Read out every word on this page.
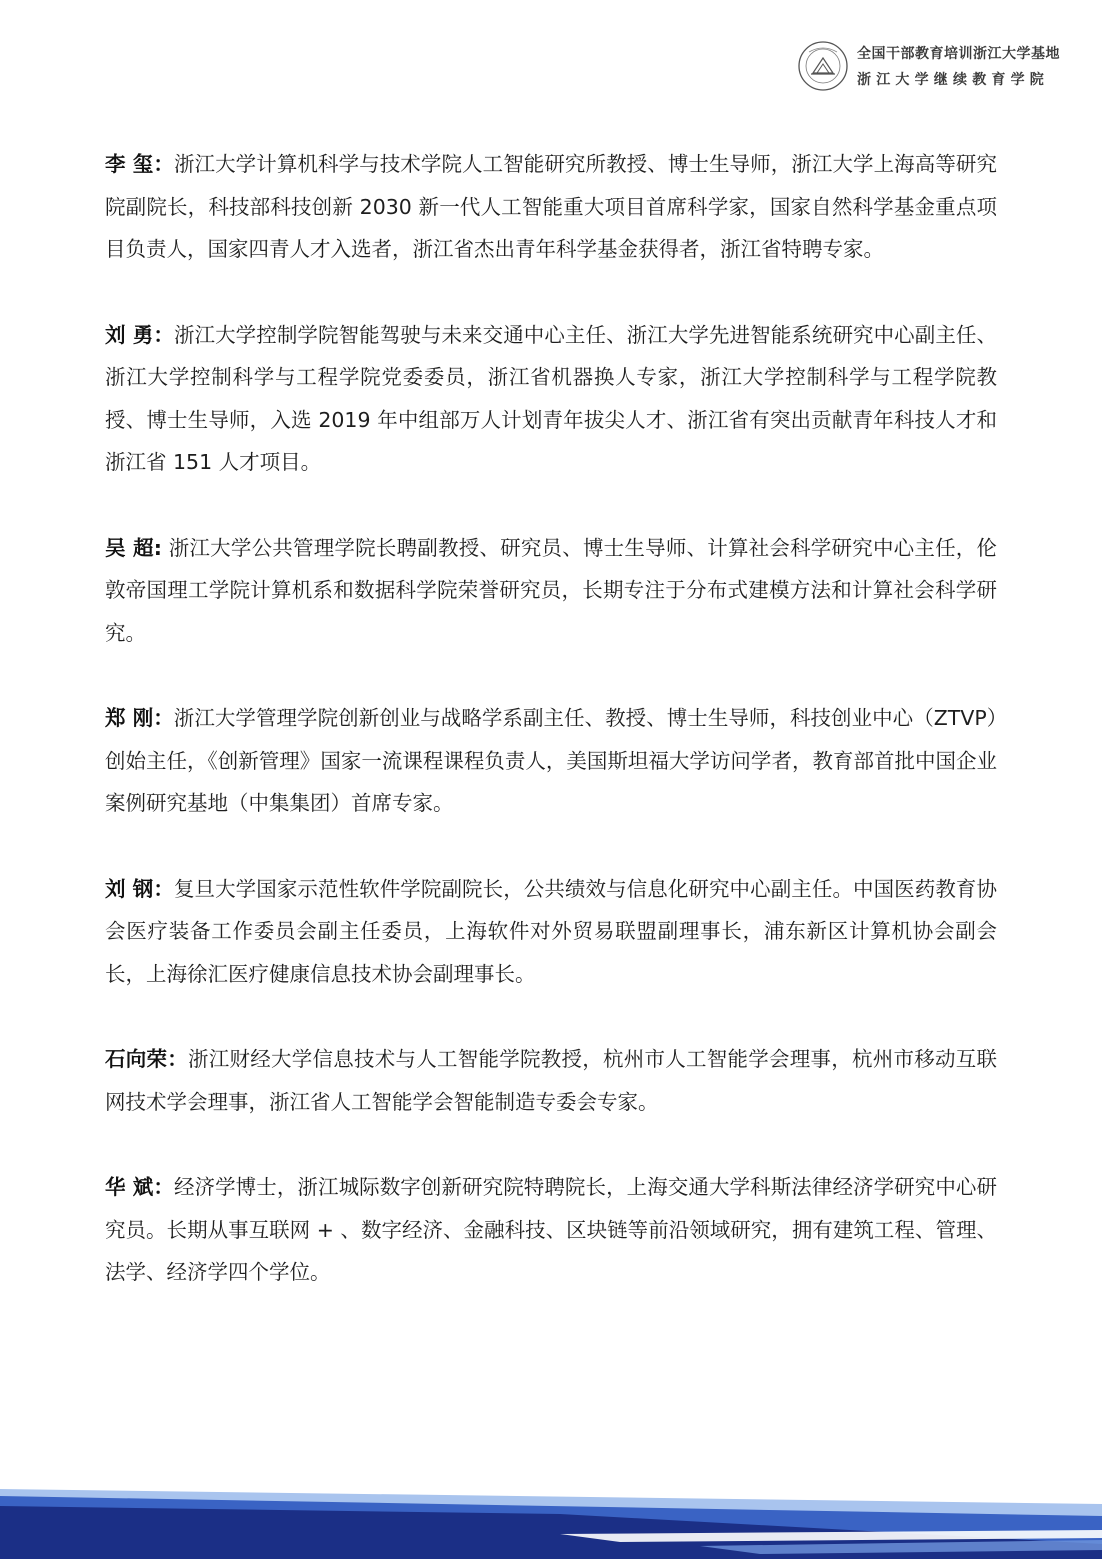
全国干部教育培训浙江大学基地
浙江大学继续教育学院

李 玺：浙江大学计算机科学与技术学院人工智能研究所教授、博士生导师，浙江大学上海高等研究院副院长，科技部科技创新 2030 新一代人工智能重大项目首席科学家，国家自然科学基金重点项目负责人，国家四青人才入选者，浙江省杰出青年科学基金获得者，浙江省特聘专家。

刘 勇：浙江大学控制学院智能驾驶与未来交通中心主任、浙江大学先进智能系统研究中心副主任、浙江大学控制科学与工程学院党委委员，浙江省机器换人专家，浙江大学控制科学与工程学院教授、博士生导师，入选 2019 年中组部万人计划青年拔尖人才、浙江省有突出贡献青年科技人才和浙江省 151 人才项目。

吴 超: 浙江大学公共管理学院长聘副教授、研究员、博士生导师、计算社会科学研究中心主任，伦敦帝国理工学院计算机系和数据科学院荣誉研究员，长期专注于分布式建模方法和计算社会科学研究。

郑 刚：浙江大学管理学院创新创业与战略学系副主任、教授、博士生导师，科技创业中心（ZTVP）创始主任，《创新管理》国家一流课程课程负责人，美国斯坦福大学访问学者，教育部首批中国企业案例研究基地（中集集团）首席专家。

刘 钢：复旦大学国家示范性软件学院副院长，公共绩效与信息化研究中心副主任。中国医药教育协会医疗装备工作委员会副主任委员，上海软件对外贸易联盟副理事长，浦东新区计算机协会副会长，上海徐汇医疗健康信息技术协会副理事长。

石向荣：浙江财经大学信息技术与人工智能学院教授，杭州市人工智能学会理事，杭州市移动互联网技术学会理事，浙江省人工智能学会智能制造专委会专家。

华 斌：经济学博士，浙江城际数字创新研究院特聘院长，上海交通大学科斯法律经济学研究中心研究员。长期从事互联网 + 、数字经济、金融科技、区块链等前沿领域研究，拥有建筑工程、管理、法学、经济学四个学位。
